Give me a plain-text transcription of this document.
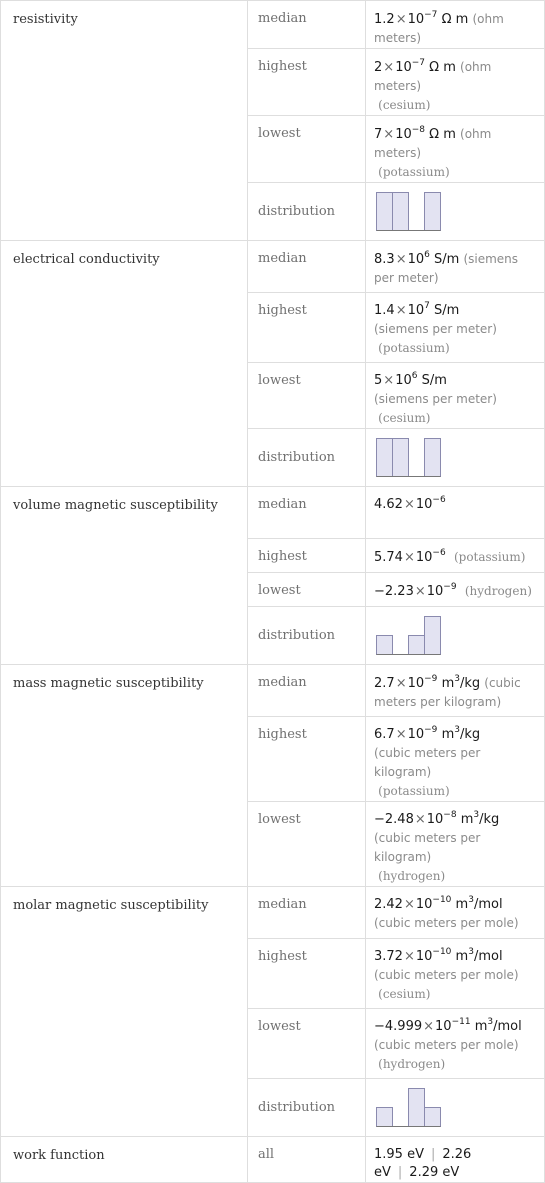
resistivity	median	$1.2\times 10^{-7}$ Ω m (ohm meters)
	highest	$2\times 10^{-7}$ Ω m (ohm meters)
(cesium)
	lowest	$7\times 10^{-8}$ Ω m (ohm meters)
(potassium)
	distribution	

electrical conductivity	median	$8.3\times 10^6$ S/m (siemens per meter)
	highest	$1.4\times 10^7$ S/m
(siemens per meter)
(potassium)
	lowest	$5\times 10^6$ S/m
(siemens per meter)  (cesium)
	distribution	

volume magnetic susceptibility	median	$4.62\times 10^{-6}$
	highest	$5.74\times 10^{-6}$ (potassium)
	lowest	$-2.23\times 10^{-9}$ (hydrogen)
	distribution	

mass magnetic susceptibility	median	$2.7\times 10^{-9}$ $m^3/kg$ (cubic meters per kilogram)
	highest	$6.7\times 10^{-9}$ $m^3/kg$
(cubic meters per kilogram)
(potassium)
	lowest	$-2.48\times 10^{-8}$ $m^3/kg$
(cubic meters per kilogram)
(hydrogen)
molar magnetic susceptibility	median	$2.42\times 10^{-10}$ $m^3$/mol (cubic meters per mole)
	highest	$3.72\times 10^{-10}$ $m^3$/mol
(cubic meters per mole)
(cesium)
	lowest	$-4.999\times 10^{-11}$ $m^3$/mol
(cubic meters per mole)
(hydrogen)
	distribution	

work function	all	1.95 eV | 2.26 eV | 2.29 eV
